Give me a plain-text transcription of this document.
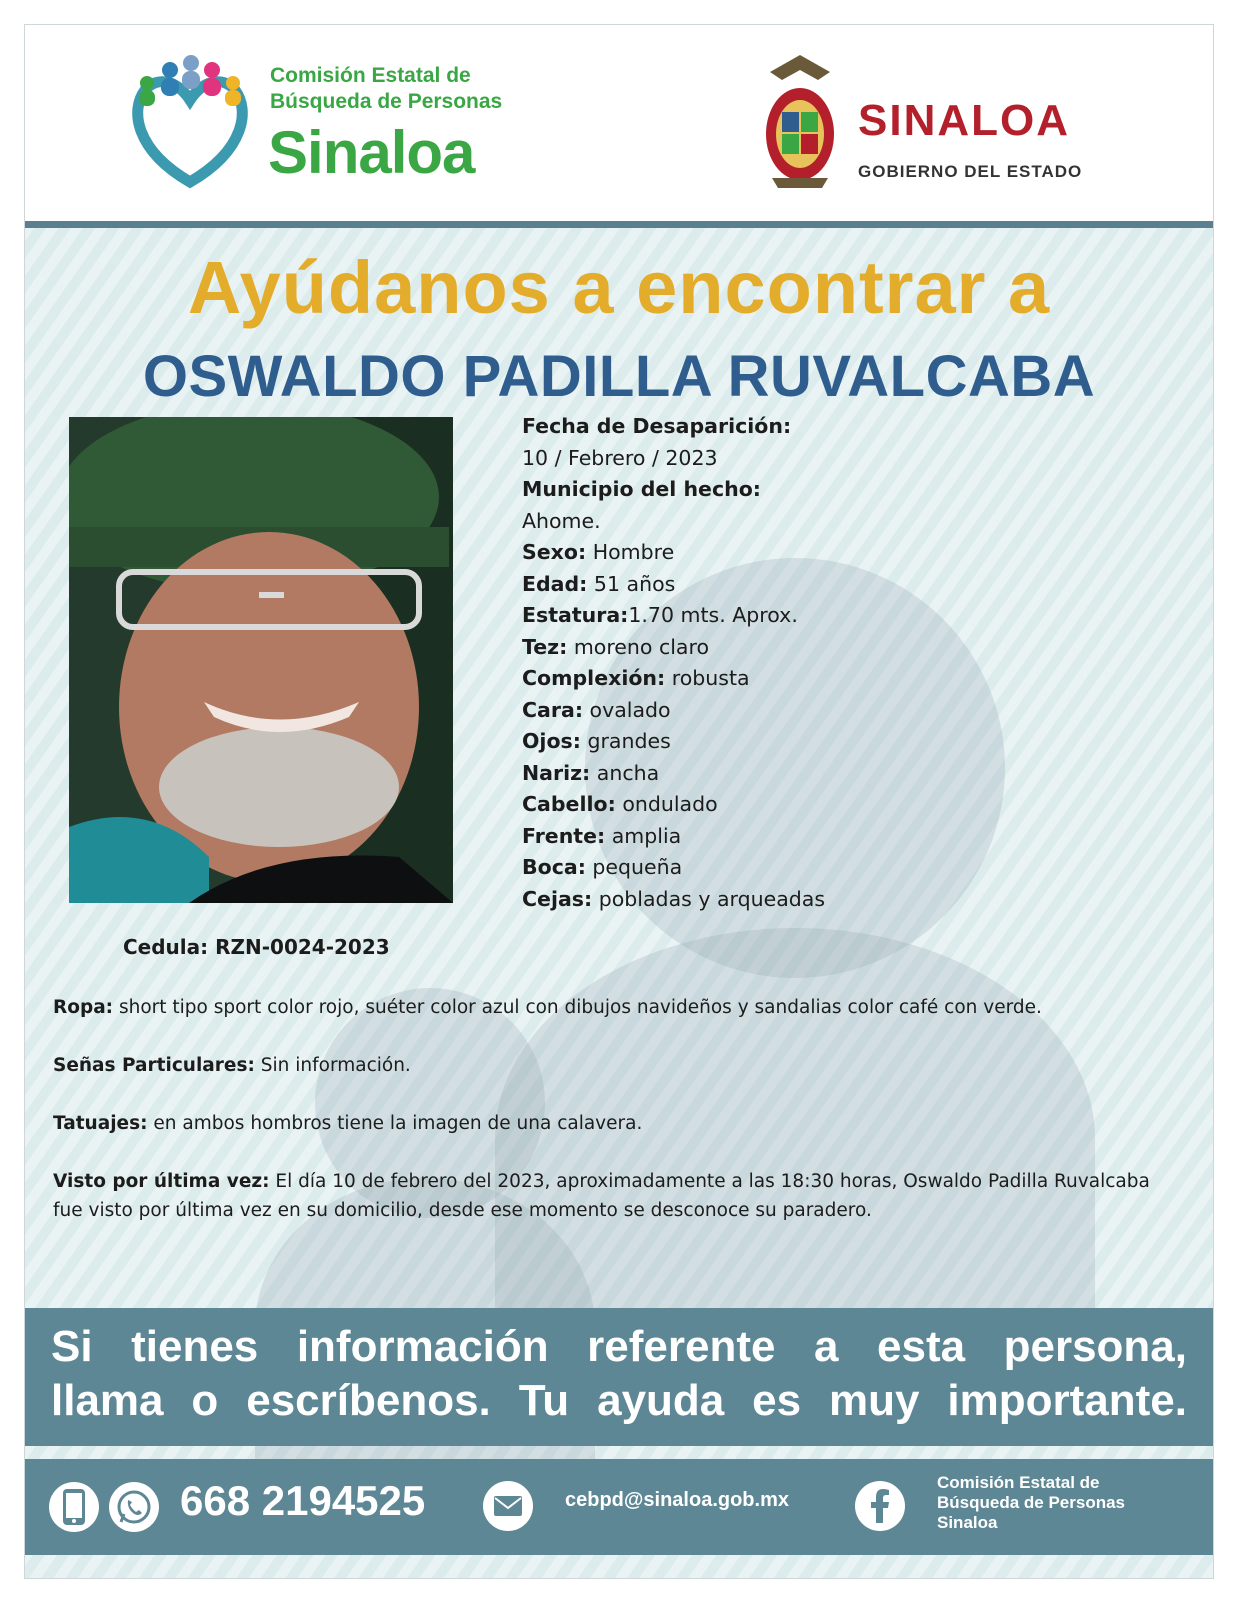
Comisión Estatal de
Búsqueda de Personas
Sinaloa	SINALOA
GOBIERNO DEL ESTADO
Ayúdanos a encontrar a
OSWALDO PADILLA RUVALCABA
Fecha de Desaparición:
10 / Febrero / 2023
Municipio del hecho:
Ahome.
Sexo: Hombre
Edad: 51 años
Estatura:1.70 mts. Aprox.
Tez: moreno claro
Complexión: robusta
Cara: ovalado
Ojos: grandes
Nariz: ancha
Cabello: ondulado
Frente: amplia
Boca: pequeña
Cejas: pobladas y arqueadas
Cedula: RZN-0024-2023
Ropa: short tipo sport color rojo, suéter color azul con dibujos navideños y sandalias color café con verde.
Señas Particulares: Sin información.
Tatuajes: en ambos hombros tiene la imagen de una calavera.
Visto por última vez: El día 10 de febrero del 2023, aproximadamente a las 18:30 horas, Oswaldo Padilla Ruvalcaba fue visto por última vez en su domicilio, desde ese momento se desconoce su paradero.
Si tienes información referente a esta persona,
llama o escríbenos. Tu ayuda es muy importante.
668 2194525	cebpd@sinaloa.gob.mx
Comisión Estatal de
Búsqueda de Personas
Sinaloa
